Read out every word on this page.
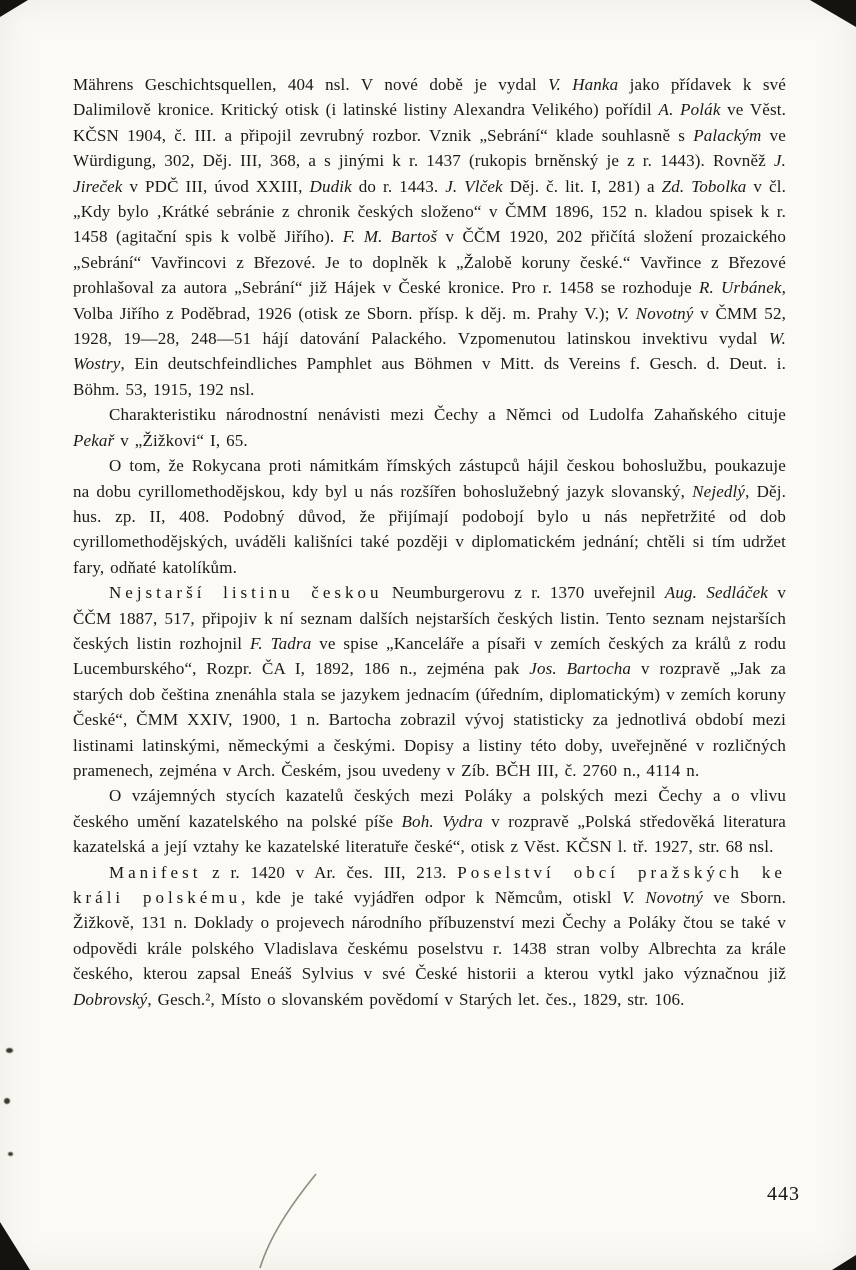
Mährens Geschichtsquellen, 404 nsl. V nové době je vydal V. Hanka jako přídavek k své Dalimilově kronice. Kritický otisk (i latinské listiny Alexandra Velikého) pořídil A. Polák ve Věst. KČSN 1904, č. III. a připojil zevrubný rozbor. Vznik „Sebrání“ klade souhlasně s Palackým ve Würdigung, 302, Děj. III, 368, a s jinými k r. 1437 (rukopis brněnský je z r. 1443). Rovněž J. Jireček v PDČ III, úvod XXIII, Dudik do r. 1443. J. Vlček Děj. č. lit. I, 281) a Zd. Tobolka v čl. „Kdy bylo ‚Krátké sebránie z chronik českých složeno“ v ČMM 1896, 152 n. kladou spisek k r. 1458 (agitační spis k volbě Jiřího). F. M. Bartoš v ČČM 1920, 202 přičítá složení prozaického „Sebrání“ Vavřincovi z Březové. Je to doplněk k „Žalobě koruny české.“ Vavřince z Březové prohlašoval za autora „Sebrání“ již Hájek v České kronice. Pro r. 1458 se rozhoduje R. Urbánek, Volba Jiřího z Poděbrad, 1926 (otisk ze Sborn. přísp. k děj. m. Prahy V.); V. Novotný v ČMM 52, 1928, 19—28, 248—51 hájí datování Palackého. Vzpomenutou latinskou invektivu vydal W. Wostry, Ein deutschfeindliches Pamphlet aus Böhmen v Mitt. ds Vereins f. Gesch. d. Deut. i. Böhm. 53, 1915, 192 nsl.

Charakteristiku národnostní nenávisti mezi Čechy a Němci od Ludolfa Zahaňského cituje Pekař v „Žižkovi“ I, 65.

O tom, že Rokycana proti námitkám římských zástupců hájil českou bohoslužbu, poukazuje na dobu cyrillomethodějskou, kdy byl u nás rozšířen bohoslužebný jazyk slovanský, Nejedlý, Děj. hus. zp. II, 408. Podobný důvod, že přijímají podobojí bylo u nás nepřetržité od dob cyrillomethodějských, uváděli kališníci také později v diplomatickém jednání; chtěli si tím udržet fary, odňaté katolíkům.

Nejstarší listinu českou Neumburgerovu z r. 1370 uveřejnil Aug. Sedláček v ČČM 1887, 517, připojiv k ní seznam dalších nejstarších českých listin. Tento seznam nejstarších českých listin rozhojnil F. Tadra ve spise „Kanceláře a písaři v zemích českých za králů z rodu Lucemburského“, Rozpr. ČA I, 1892, 186 n., zejména pak Jos. Bartocha v rozpravě „Jak za starých dob čeština znenáhla stala se jazykem jednacím (úředním, diplomatickým) v zemích koruny České“, ČMM XXIV, 1900, 1 n. Bartocha zobrazil vývoj statisticky za jednotlivá období mezi listinami latinskými, německými a českými. Dopisy a listiny této doby, uveřejněné v rozličných pramenech, zejména v Arch. Českém, jsou uvedeny v Zíb. BČH III, č. 2760 n., 4114 n.

O vzájemných stycích kazatelů českých mezi Poláky a polských mezi Čechy a o vlivu českého umění kazatelského na polské píše Boh. Vydra v rozpravě „Polská středověká literatura kazatelská a její vztahy ke kazatelské literatuře české“, otisk z Věst. KČSN l. tř. 1927, str. 68 nsl.

Manifest z r. 1420 v Ar. čes. III, 213. Poselství obcí pražských ke králi polskému, kde je také vyjádřen odpor k Němcům, otiskl V. Novotný ve Sborn. Žižkově, 131 n. Doklady o projevech národního příbuzenství mezi Čechy a Poláky čtou se také v odpovědi krále polského Vladislava českému poselstvu r. 1438 stran volby Albrechta za krále českého, kterou zapsal Eneáš Sylvius v své České historii a kterou vytkl jako význačnou již Dobrovský, Gesch.², Místo o slovanském povědomí v Starých let. čes., 1829, str. 106.

443
